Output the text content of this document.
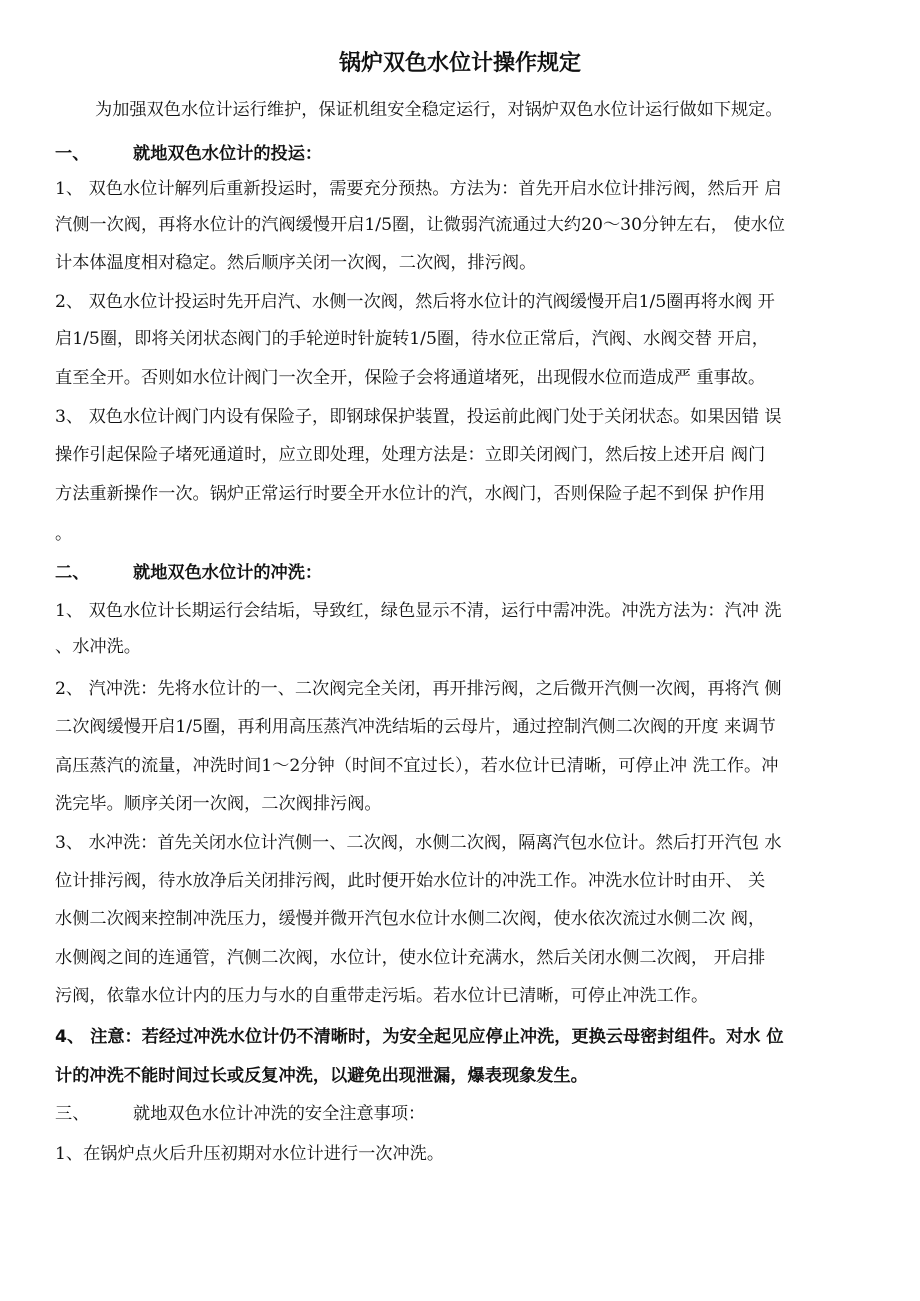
锅炉双色水位计操作规定
为加强双色水位计运行维护，保证机组安全稳定运行，对锅炉双色水位计运行做如下规定。
一、	就地双色水位计的投运：
1、 双色水位计解列后重新投运时，需要充分预热。方法为：首先开启水位计排污阀，然后开 启
汽侧一次阀，再将水位计的汽阀缓慢开启1/5圈，让微弱汽流通过大约20〜30分钟左右， 使水位
计本体温度相对稳定。然后顺序关闭一次阀，二次阀，排污阀。
2、 双色水位计投运时先开启汽、水侧一次阀，然后将水位计的汽阀缓慢开启1/5圈再将水阀 开
启1/5圈，即将关闭状态阀门的手轮逆时针旋转1/5圈，待水位正常后，汽阀、水阀交替 开启，
直至全开。否则如水位计阀门一次全开，保险子会将通道堵死，出现假水位而造成严 重事故。
3、 双色水位计阀门内设有保险子，即钢球保护装置，投运前此阀门处于关闭状态。如果因错 误
操作引起保险子堵死通道时，应立即处理，处理方法是：立即关闭阀门，然后按上述开启 阀门
方法重新操作一次。锅炉正常运行时要全开水位计的汽，水阀门，否则保险子起不到保 护作用
。
二、	就地双色水位计的冲洗：
1、 双色水位计长期运行会结垢，导致红，绿色显示不清，运行中需冲洗。冲洗方法为：汽冲 洗
、水冲洗。
2、 汽冲洗：先将水位计的一、二次阀完全关闭，再开排污阀，之后微开汽侧一次阀，再将汽 侧
二次阀缓慢开启1/5圈，再利用高压蒸汽冲洗结垢的云母片，通过控制汽侧二次阀的开度 来调节
高压蒸汽的流量，冲洗时间1〜2分钟（时间不宜过长），若水位计已清晰，可停止冲 洗工作。冲
洗完毕。顺序关闭一次阀，二次阀排污阀。
3、 水冲洗：首先关闭水位计汽侧一、二次阀，水侧二次阀，隔离汽包水位计。然后打开汽包 水
位计排污阀，待水放净后关闭排污阀，此时便开始水位计的冲洗工作。冲洗水位计时由开、 关
水侧二次阀来控制冲洗压力，缓慢并微开汽包水位计水侧二次阀，使水依次流过水侧二次 阀，
水侧阀之间的连通管，汽侧二次阀，水位计，使水位计充满水，然后关闭水侧二次阀， 开启排
污阀，依靠水位计内的压力与水的自重带走污垢。若水位计已清晰，可停止冲洗工作。
4、 注意：若经过冲洗水位计仍不清晰时，为安全起见应停止冲洗，更换云母密封组件。对水 位
计的冲洗不能时间过长或反复冲洗，以避免出现泄漏，爆表现象发生。
三、	就地双色水位计冲洗的安全注意事项：
1、在锅炉点火后升压初期对水位计进行一次冲洗。
